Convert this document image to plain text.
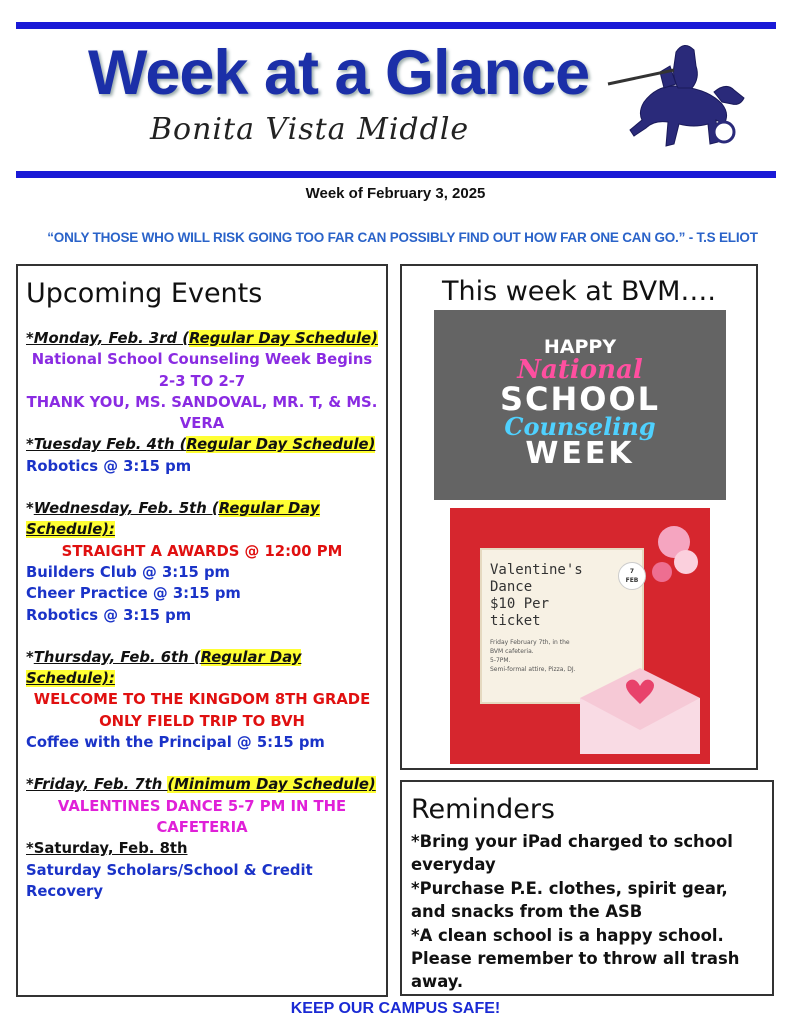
Week at a Glance
Bonita Vista Middle
Week of February 3, 2025
“ONLY THOSE WHO WILL RISK GOING TOO FAR CAN POSSIBLY FIND OUT HOW FAR ONE CAN GO.” - T.S ELIOT
Upcoming Events
*Monday, Feb. 3rd (Regular Day Schedule)
National School Counseling Week Begins 2-3 TO 2-7
THANK YOU, MS. SANDOVAL, MR. T, & MS. VERA
*Tuesday Feb. 4th (Regular Day Schedule)
Robotics @ 3:15 pm
*Wednesday, Feb. 5th (Regular Day Schedule):
STRAIGHT A AWARDS @ 12:00 PM
Builders Club @ 3:15 pm
Cheer Practice @ 3:15 pm
Robotics @ 3:15 pm
*Thursday, Feb. 6th (Regular Day Schedule):
WELCOME TO THE KINGDOM 8TH GRADE ONLY FIELD TRIP TO BVH
Coffee with the Principal @ 5:15 pm
*Friday, Feb. 7th (Minimum Day Schedule)
VALENTINES DANCE 5-7 PM IN THE CAFETERIA
*Saturday, Feb. 8th
Saturday Scholars/School & Credit Recovery
This week at BVM….
HAPPY
National
SCHOOL
Counseling
WEEK
Valentine's
Dance
$10 Per
ticket
7
FEB
Friday February 7th, in the
BVM cafeteria.
5-7PM.
Semi-formal attire, Pizza, DJ.
Reminders
*Bring your iPad charged to school everyday
*Purchase P.E. clothes, spirit gear, and snacks from the ASB
*A clean school is a happy school. Please remember to throw all trash away.
KEEP OUR CAMPUS SAFE!
